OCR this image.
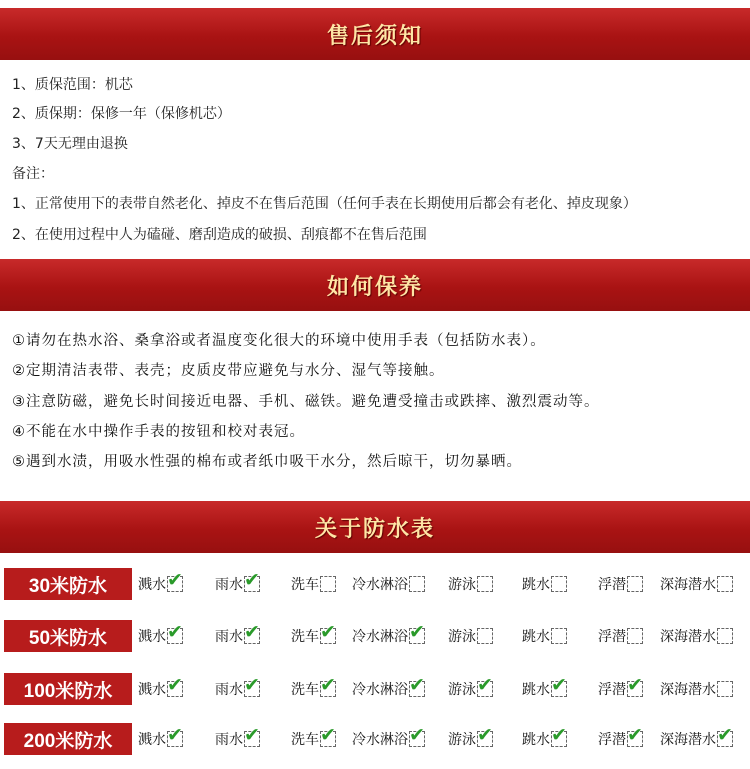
售后须知
1、质保范围：机芯
2、质保期：保修一年（保修机芯）
3、7天无理由退换
备注：
1、正常使用下的表带自然老化、掉皮不在售后范围（任何手表在长期使用后都会有老化、掉皮现象）
2、在使用过程中人为磕碰、磨刮造成的破损、刮痕都不在售后范围
如何保养
①请勿在热水浴、桑拿浴或者温度变化很大的环境中使用手表（包括防水表）。
②定期清洁表带、表壳；皮质皮带应避免与水分、湿气等接触。
③注意防磁，避免长时间接近电器、手机、磁铁。避免遭受撞击或跌摔、激烈震动等。
④不能在水中操作手表的按钮和校对表冠。
⑤遇到水渍，用吸水性强的棉布或者纸巾吸干水分，然后晾干，切勿暴晒。
关于防水表
30米防水	溅水 ✔ 雨水 ✔ 洗车 冷水淋浴	游泳	跳水	浮潜 深海潜水
50米防水	溅水 ✔ 雨水 ✔ 洗车 ✔ 冷水淋浴 ✔ 游泳	跳水	浮潜 深海潜水
100米防水	溅水 ✔ 雨水 ✔ 洗车 ✔ 冷水淋浴 ✔ 游泳 ✔ 跳水 ✔ 浮潜 ✔ 深海潜水
200米防水	溅水 ✔ 雨水 ✔ 洗车 ✔ 冷水淋浴 ✔ 游泳 ✔ 跳水 ✔ 浮潜 ✔ 深海潜水 ✔
